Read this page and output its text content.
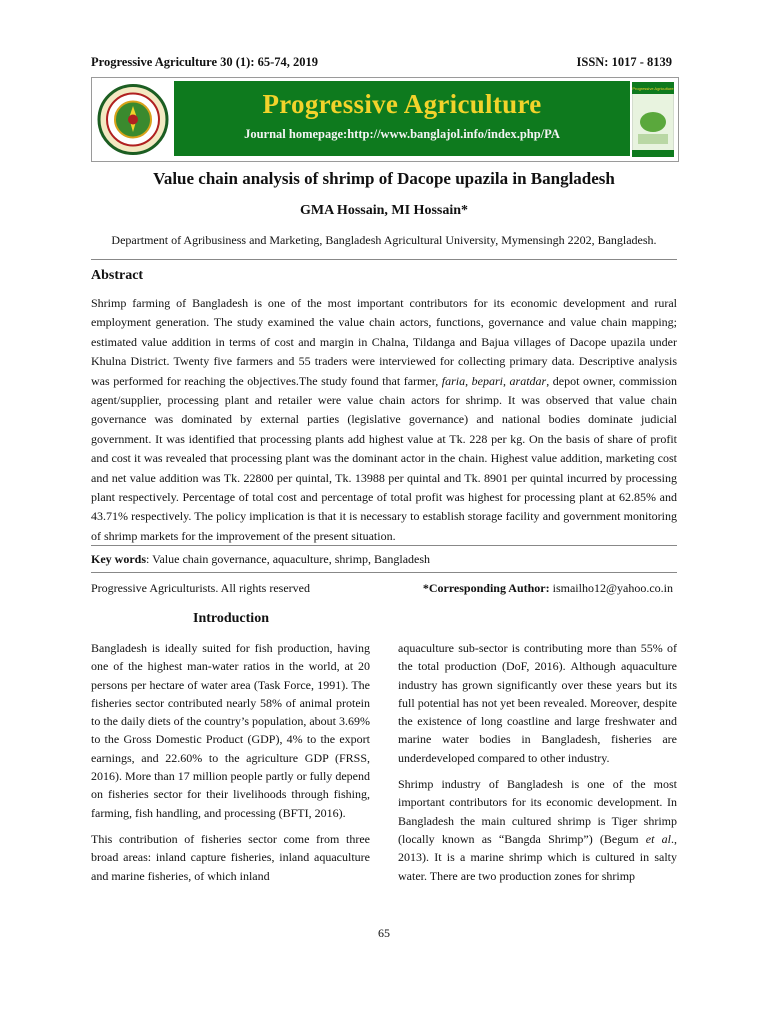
Progressive Agriculture 30 (1): 65-74, 2019	ISSN: 1017 - 8139
Progressive Agriculture
Journal homepage:http://www.banglajol.info/index.php/PA
Progressive Agriculture
Value chain analysis of shrimp of Dacope upazila in Bangladesh
GMA Hossain, MI Hossain*
Department of Agribusiness and Marketing, Bangladesh Agricultural University, Mymensingh 2202, Bangladesh.
Abstract
Shrimp farming of Bangladesh is one of the most important contributors for its economic development and rural employment generation. The study examined the value chain actors, functions, governance and value chain mapping; estimated value addition in terms of cost and margin in Chalna, Tildanga and Bajua villages of Dacope upazila under Khulna District. Twenty five farmers and 55 traders were interviewed for collecting primary data. Descriptive analysis was performed for reaching the objectives.The study found that farmer, faria, bepari, aratdar, depot owner, commission agent/supplier, processing plant and retailer were value chain actors for shrimp. It was observed that value chain governance was dominated by external parties (legislative governance) and national bodies dominate judicial government. It was identified that processing plants add highest value at Tk. 228 per kg. On the basis of share of profit and cost it was revealed that processing plant was the dominant actor in the chain. Highest value addition, marketing cost and net value addition was Tk. 22800 per quintal, Tk. 13988 per quintal and Tk. 8901 per quintal incurred by processing plant respectively. Percentage of total cost and percentage of total profit was highest for processing plant at 62.85% and 43.71% respectively. The policy implication is that it is necessary to establish storage facility and government monitoring of shrimp markets for the improvement of the present situation.
Key words: Value chain governance, aquaculture, shrimp, Bangladesh
Progressive Agriculturists. All rights reserved	*Corresponding Author: ismailho12@yahoo.co.in
Introduction

Bangladesh is ideally suited for fish production, having one of the highest man-water ratios in the world, at 20 persons per hectare of water area (Task Force, 1991). The fisheries sector contributed nearly 58% of animal protein to the daily diets of the country’s population, about 3.69% to the Gross Domestic Product (GDP), 4% to the export earnings, and 22.60% to the agriculture GDP (FRSS, 2016). More than 17 million people partly or fully depend on fisheries sector for their livelihoods through fishing, farming, fish handling, and processing (BFTI, 2016).

This contribution of fisheries sector come from three broad areas: inland capture fisheries, inland aquaculture and marine fisheries, of which inland

aquaculture sub-sector is contributing more than 55% of the total production (DoF, 2016). Although aquaculture industry has grown significantly over these years but its full potential has not yet been revealed. Moreover, despite the existence of long coastline and large freshwater and marine water bodies in Bangladesh, fisheries are underdeveloped compared to other industry.

Shrimp industry of Bangladesh is one of the most important contributors for its economic development. In Bangladesh the main cultured shrimp is Tiger shrimp (locally known as “Bangda Shrimp”) (Begum et al., 2013). It is a marine shrimp which is cultured in salty water. There are two production zones for shrimp

65
